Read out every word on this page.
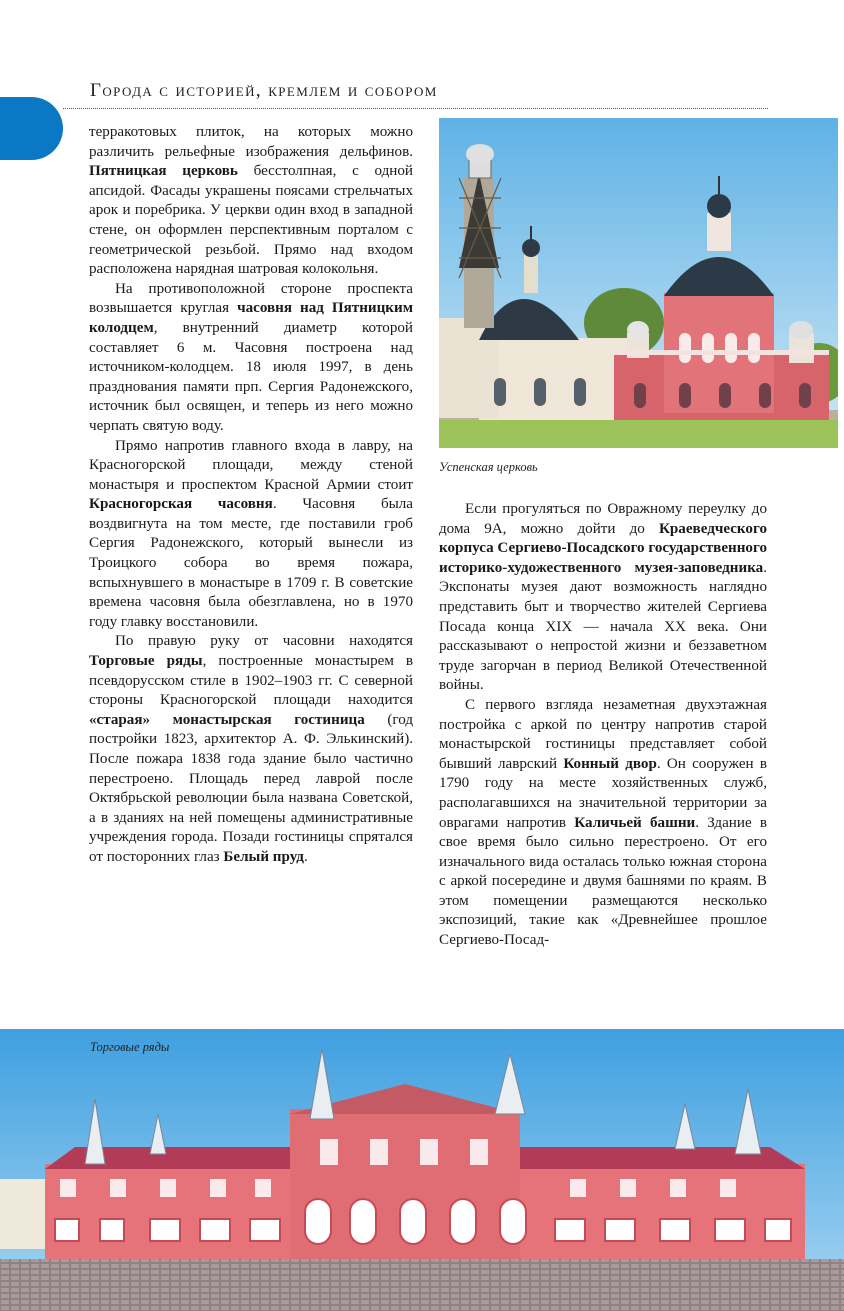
Города с историей, кремлем и собором

терракотовых плиток, на которых можно различить рельефные изображения дельфинов. Пятницкая церковь бесстолпная, с одной апсидой. Фасады украшены поясами стрельчатых арок и поребрика. У церкви один вход в западной стене, он оформлен перспективным порталом с геометрической резьбой. Прямо над входом расположена нарядная шатровая колокольня.

На противоположной стороне проспекта возвышается круглая часовня над Пятницким колодцем, внутренний диаметр которой составляет 6 м. Часовня построена над источником-колодцем. 18 июля 1997, в день празднования памяти прп. Сергия Радонежского, источник был освящен, и теперь из него можно черпать святую воду.

Прямо напротив главного входа в лавру, на Красногорской площади, между стеной монастыря и проспектом Красной Армии стоит Красногорская часовня. Часовня была воздвигнута на том месте, где поставили гроб Сергия Радонежского, который вынесли из Троицкого собора во время пожара, вспыхнувшего в монастыре в 1709 г. В советские времена часовня была обезглавлена, но в 1970 году главку восстановили.

По правую руку от часовни находятся Торговые ряды, построенные монастырем в псевдорусском стиле в 1902–1903 гг. С северной стороны Красногорской площади находится «старая» монастырская гостиница (год постройки 1823, архитектор А. Ф. Элькинский). После пожара 1838 года здание было частично перестроено. Площадь перед лаврой после Октябрьской революции была названа Советской, а в зданиях на ней помещены административные учреждения города. Позади гостиницы спрятался от посторонних глаз Белый пруд.

Успенская церковь

Если прогуляться по Овражному переулку до дома 9А, можно дойти до Краеведческого корпуса Сергиево-Посадского государственного историко-художественного музея-заповедника. Экспонаты музея дают возможность наглядно представить быт и творчество жителей Сергиева Посада конца XIX — начала XX века. Они рассказывают о непростой жизни и беззаветном труде загорчан в период Великой Отечественной войны.

С первого взгляда незаметная двухэтажная постройка с аркой по центру напротив старой монастырской гостиницы представляет собой бывший лаврский Конный двор. Он сооружен в 1790 году на месте хозяйственных служб, располагавшихся на значительной территории за оврагами напротив Каличьей башни. Здание в свое время было сильно перестроено. От его изначального вида осталась только южная сторона с аркой посередине и двумя башнями по краям. В этом помещении размещаются несколько экспозиций, такие как «Древнейшее прошлое Сергиево-Посад-

Торговые ряды
